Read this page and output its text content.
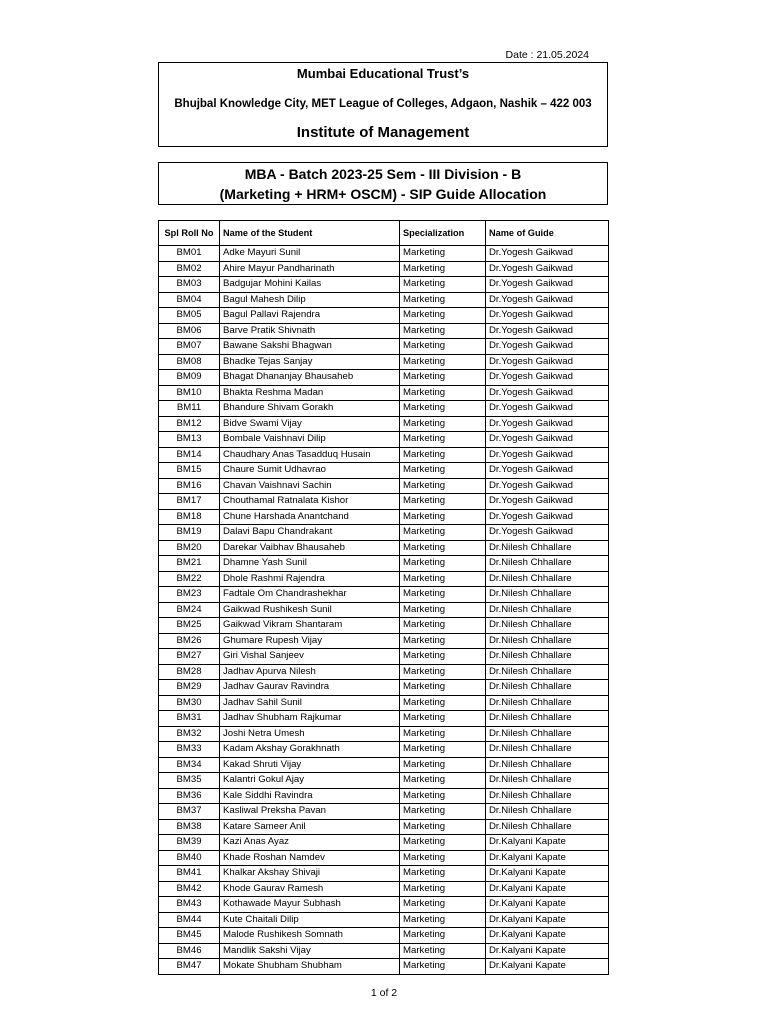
Date : 21.05.2024
Mumbai Educational Trust’s
Bhujbal Knowledge City, MET League of Colleges, Adgaon, Nashik – 422 003
Institute of Management
MBA - Batch 2023-25 Sem - III Division - B
(Marketing + HRM+ OSCM) - SIP Guide Allocation
Spl Roll No	Name of the Student	Specialization	Name of Guide
BM01	Adke Mayuri Sunil	Marketing	Dr.Yogesh Gaikwad
BM02	Ahire Mayur Pandharinath	Marketing	Dr.Yogesh Gaikwad
BM03	Badgujar Mohini Kailas	Marketing	Dr.Yogesh Gaikwad
BM04	Bagul Mahesh Dilip	Marketing	Dr.Yogesh Gaikwad
BM05	Bagul Pallavi Rajendra	Marketing	Dr.Yogesh Gaikwad
BM06	Barve Pratik Shivnath	Marketing	Dr.Yogesh Gaikwad
BM07	Bawane Sakshi Bhagwan	Marketing	Dr.Yogesh Gaikwad
BM08	Bhadke Tejas Sanjay	Marketing	Dr.Yogesh Gaikwad
BM09	Bhagat Dhananjay Bhausaheb	Marketing	Dr.Yogesh Gaikwad
BM10	Bhakta Reshma Madan	Marketing	Dr.Yogesh Gaikwad
BM11	Bhandure Shivam Gorakh	Marketing	Dr.Yogesh Gaikwad
BM12	Bidve Swami Vijay	Marketing	Dr.Yogesh Gaikwad
BM13	Bombale Vaishnavi Dilip	Marketing	Dr.Yogesh Gaikwad
BM14	Chaudhary Anas Tasadduq Husain	Marketing	Dr.Yogesh Gaikwad
BM15	Chaure Sumit Udhavrao	Marketing	Dr.Yogesh Gaikwad
BM16	Chavan Vaishnavi Sachin	Marketing	Dr.Yogesh Gaikwad
BM17	Chouthamal Ratnalata Kishor	Marketing	Dr.Yogesh Gaikwad
BM18	Chune Harshada Anantchand	Marketing	Dr.Yogesh Gaikwad
BM19	Dalavi Bapu Chandrakant	Marketing	Dr.Yogesh Gaikwad
BM20	Darekar Vaibhav Bhausaheb	Marketing	Dr.Nilesh Chhallare
BM21	Dhamne Yash Sunil	Marketing	Dr.Nilesh Chhallare
BM22	Dhole Rashmi Rajendra	Marketing	Dr.Nilesh Chhallare
BM23	Fadtale Om Chandrashekhar	Marketing	Dr.Nilesh Chhallare
BM24	Gaikwad Rushikesh Sunil	Marketing	Dr.Nilesh Chhallare
BM25	Gaikwad Vikram Shantaram	Marketing	Dr.Nilesh Chhallare
BM26	Ghumare Rupesh Vijay	Marketing	Dr.Nilesh Chhallare
BM27	Giri Vishal Sanjeev	Marketing	Dr.Nilesh Chhallare
BM28	Jadhav Apurva Nilesh	Marketing	Dr.Nilesh Chhallare
BM29	Jadhav Gaurav Ravindra	Marketing	Dr.Nilesh Chhallare
BM30	Jadhav Sahil Sunil	Marketing	Dr.Nilesh Chhallare
BM31	Jadhav Shubham Rajkumar	Marketing	Dr.Nilesh Chhallare
BM32	Joshi Netra Umesh	Marketing	Dr.Nilesh Chhallare
BM33	Kadam Akshay Gorakhnath	Marketing	Dr.Nilesh Chhallare
BM34	Kakad Shruti Vijay	Marketing	Dr.Nilesh Chhallare
BM35	Kalantri Gokul Ajay	Marketing	Dr.Nilesh Chhallare
BM36	Kale Siddhi Ravindra	Marketing	Dr.Nilesh Chhallare
BM37	Kasliwal Preksha Pavan	Marketing	Dr.Nilesh Chhallare
BM38	Katare Sameer Anil	Marketing	Dr.Nilesh Chhallare
BM39	Kazi Anas Ayaz	Marketing	Dr.Kalyani Kapate
BM40	Khade Roshan Namdev	Marketing	Dr.Kalyani Kapate
BM41	Khalkar Akshay Shivaji	Marketing	Dr.Kalyani Kapate
BM42	Khode Gaurav Ramesh	Marketing	Dr.Kalyani Kapate
BM43	Kothawade Mayur Subhash	Marketing	Dr.Kalyani Kapate
BM44	Kute Chaitali Dilip	Marketing	Dr.Kalyani Kapate
BM45	Malode Rushikesh Somnath	Marketing	Dr.Kalyani Kapate
BM46	Mandlik Sakshi Vijay	Marketing	Dr.Kalyani Kapate
BM47	Mokate Shubham Shubham	Marketing	Dr.Kalyani Kapate
1 of 2
